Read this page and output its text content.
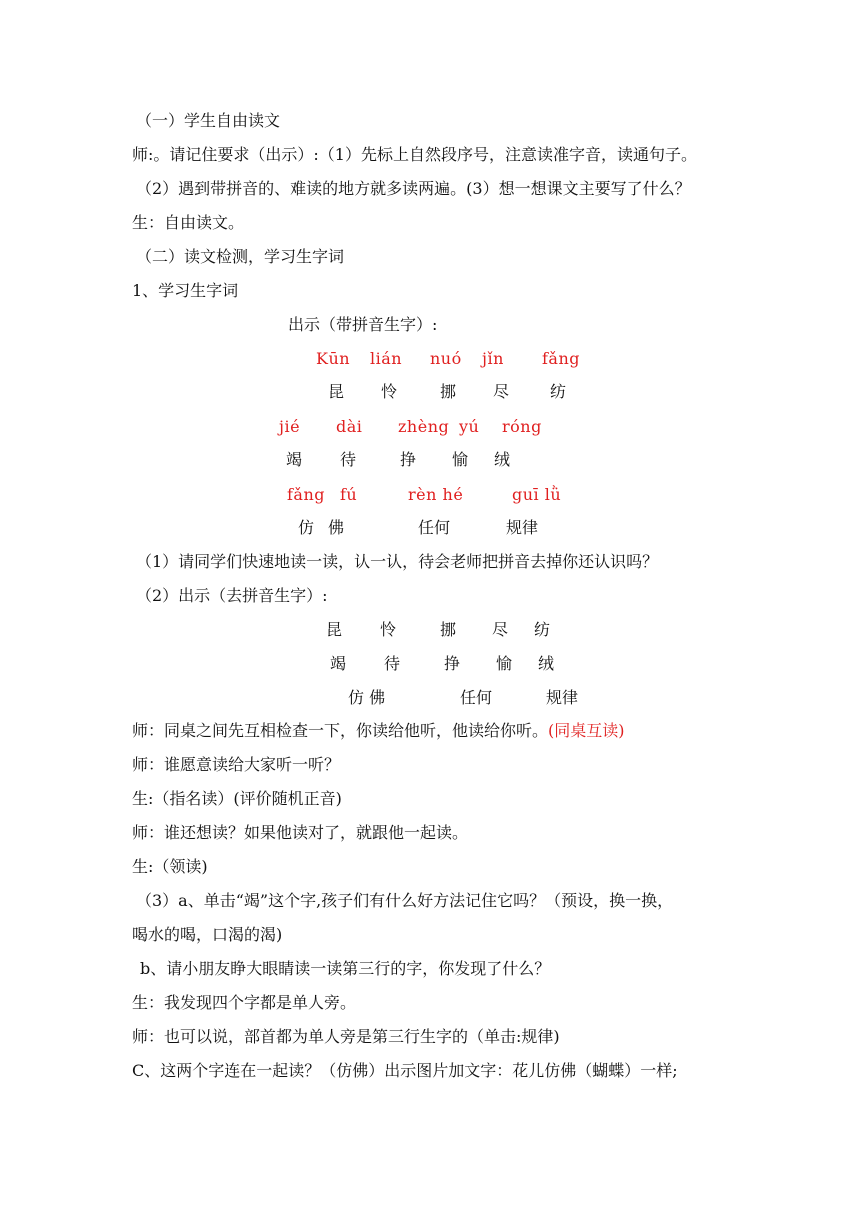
（一）学生自由读文
师:。请记住要求（出示）:（1）先标上自然段序号，注意读准字音，读通句子。
（2）遇到带拼音的、难读的地方就多读两遍。(3）想一想课文主要写了什么？
生：自由读文。
（二）读文检测，学习生字词
1、学习生字词
出示（带拼音生字）:
Kūn lián nuó jǐn fǎng
昆 怜	挪 尽	纺
jié dài zhèng yú róng
竭 待	挣 愉 绒
fǎng fú	rèn hé	guī lǜ
仿 佛	任何	规律
（1）请同学们快速地读一读，认一认，待会老师把拼音去掉你还认识吗？
（2）出示（去拼音生字）:
昆 怜	挪 尽 纺
竭 待	挣 愉 绒
仿 佛	任何	规律
师：同桌之间先互相检查一下，你读给他听，他读给你听。(同桌互读)
师：谁愿意读给大家听一听？
生:（指名读）(评价随机正音)
师：谁还想读？如果他读对了，就跟他一起读。
生:（领读)
（3）a、单击“竭”这个字,孩子们有什么好方法记住它吗？（预设，换一换，
喝水的喝，口渴的渴)
b、请小朋友睁大眼睛读一读第三行的字，你发现了什么？
生：我发现四个字都是单人旁。
师：也可以说，部首都为单人旁是第三行生字的（单击:规律)
C、这两个字连在一起读？（仿佛）出示图片加文字：花儿仿佛（蝴蝶）一样;
